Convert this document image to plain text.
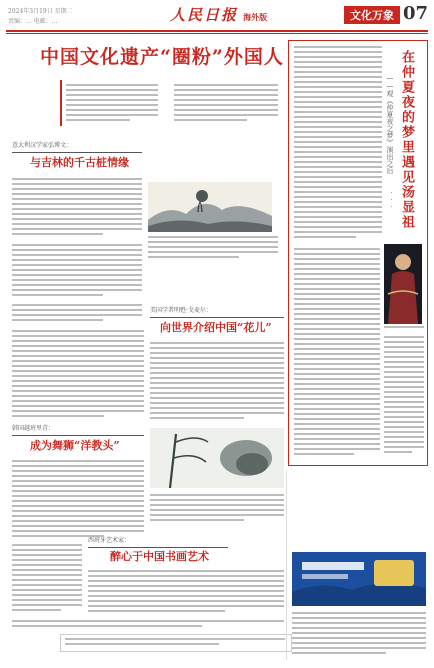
2024年3月19日 星期二
责编：... 电邮：...	人民日报 海外版	文化万象 07
中国文化遗产“圈粉”外国人
意大利汉学家弘博文：
与吉林的千古桩情缘
美国学者明甦·戈麦尔：
向世界介绍中国“花儿”
韩国越班里青：
成为舞狮“洋教头”
西班牙艺术家：
醉心于中国书画艺术
在仲夏夜的梦里遇见汤显祖
——观《仲夏夜之梦》演出之后
...
